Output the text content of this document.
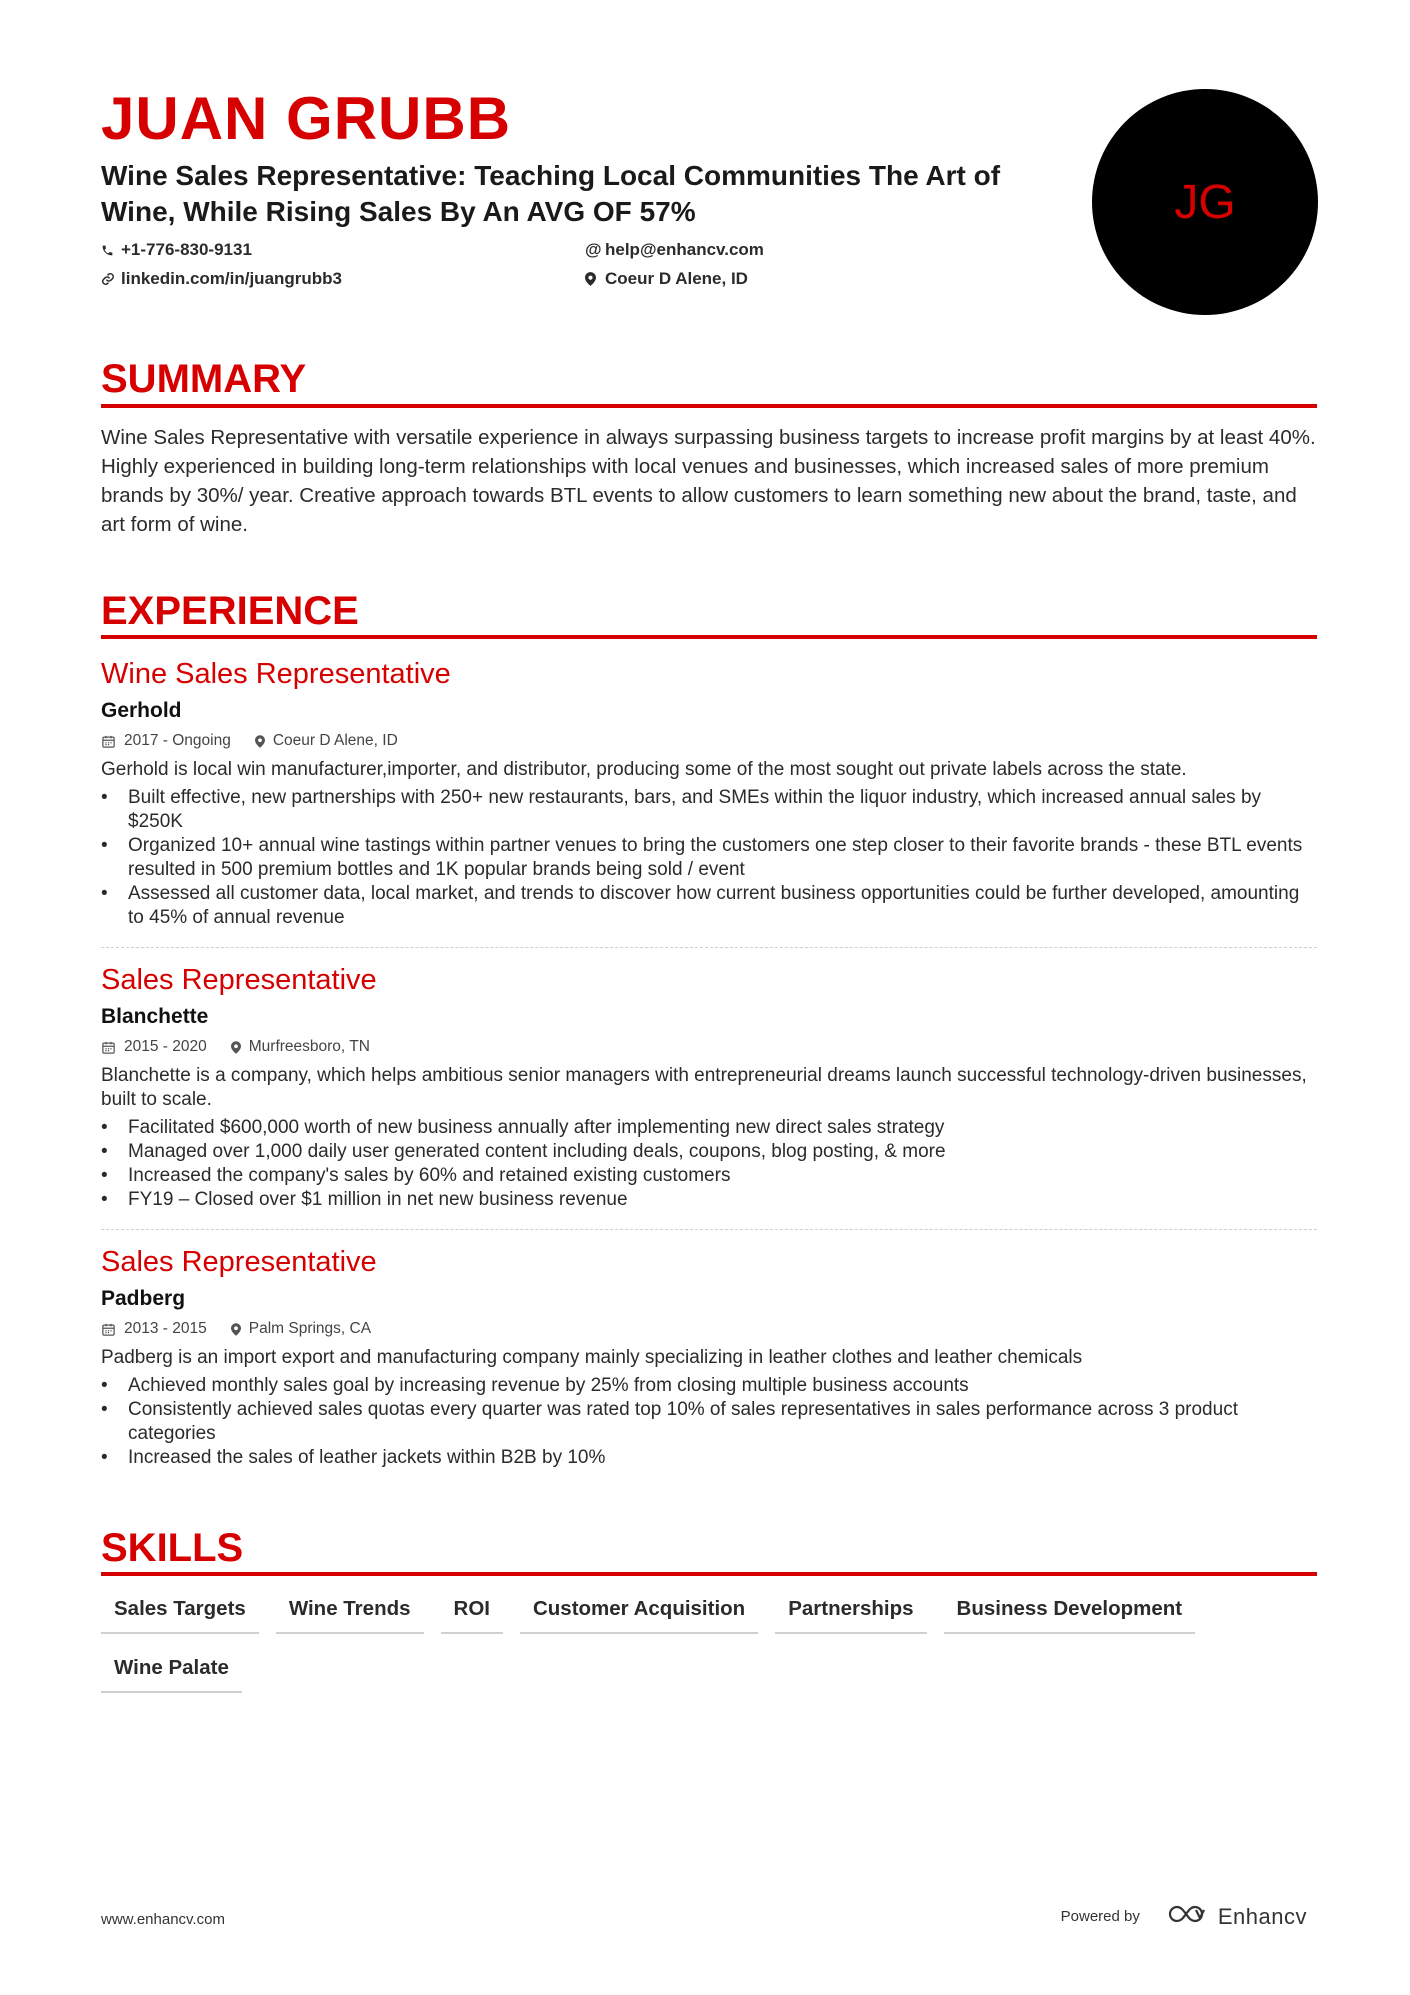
JUAN GRUBB
Wine Sales Representative: Teaching Local Communities The Art of Wine, While Rising Sales By An AVG OF 57%
+1-776-830-9131	@ help@enhancv.com
linkedin.com/in/juangrubb3	Coeur D Alene, ID
JG
SUMMARY
Wine Sales Representative with versatile experience in always surpassing business targets to increase profit margins by at least 40%. Highly experienced in building long-term relationships with local venues and businesses, which increased sales of more premium brands by 30%/ year. Creative approach towards BTL events to allow customers to learn something new about the brand, taste, and art form of wine.
EXPERIENCE
Wine Sales Representative
Gerhold
2017 - Ongoing	Coeur D Alene, ID
Gerhold is local win manufacturer,importer, and distributor, producing some of the most sought out private labels across the state.
• Built effective, new partnerships with 250+ new restaurants, bars, and SMEs within the liquor industry, which increased annual sales by $250K
• Organized 10+ annual wine tastings within partner venues to bring the customers one step closer to their favorite brands - these BTL events resulted in 500 premium bottles and 1K popular brands being sold / event
• Assessed all customer data, local market, and trends to discover how current business opportunities could be further developed, amounting to 45% of annual revenue
Sales Representative
Blanchette
2015 - 2020	Murfreesboro, TN
Blanchette is a company, which helps ambitious senior managers with entrepreneurial dreams launch successful technology-driven businesses, built to scale.
• Facilitated $600,000 worth of new business annually after implementing new direct sales strategy
• Managed over 1,000 daily user generated content including deals, coupons, blog posting, & more
• Increased the company's sales by 60% and retained existing customers
• FY19 – Closed over $1 million in net new business revenue
Sales Representative
Padberg
2013 - 2015	Palm Springs, CA
Padberg is an import export and manufacturing company mainly specializing in leather clothes and leather chemicals
• Achieved monthly sales goal by increasing revenue by 25% from closing multiple business accounts
• Consistently achieved sales quotas every quarter was rated top 10% of sales representatives in sales performance across 3 product categories
• Increased the sales of leather jackets within B2B by 10%
SKILLS
Sales Targets	Wine Trends	ROI	Customer Acquisition	Partnerships	Business Development
Wine Palate
www.enhancv.com	Powered by	Enhancv
